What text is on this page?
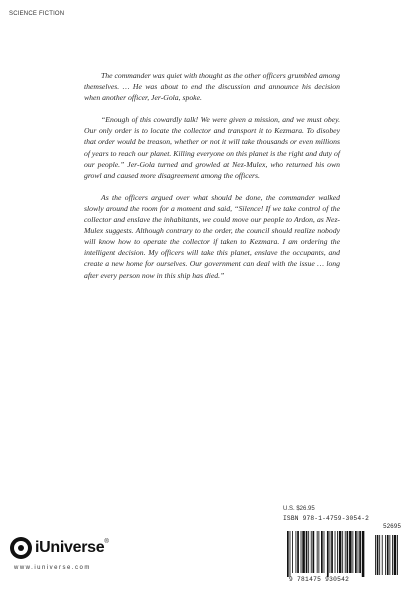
SCIENCE FICTION

The commander was quiet with thought as the other officers grumbled among themselves. … He was about to end the discussion and announce his decision when another officer, Jer-Gola, spoke.

“Enough of this cowardly talk! We were given a mission, and we must obey. Our only order is to locate the collector and transport it to Kezmara. To disobey that order would be treason, whether or not it will take thousands or even millions of years to reach our planet. Killing everyone on this planet is the right and duty of our people.” Jer-Gola turned and growled at Nez-Mulex, who returned his own growl and caused more disagreement among the officers.

As the officers argued over what should be done, the commander walked slowly around the room for a moment and said, “Silence! If we take control of the collector and enslave the inhabitants, we could move our people to Ardon, as Nez-Mulex suggests. Although contrary to the order, the council should realize nobody will know how to operate the collector if taken to Kezmara. I am ordering the intelligent decision. My officers will take this planet, enslave the occupants, and create a new home for ourselves. Our government can deal with the issue … long after every person now in this ship has died.”

iUniverse®
www.iuniverse.com
U.S. $26.95
ISBN 978-1-4759-3054-2
52695
9 781475 930542
